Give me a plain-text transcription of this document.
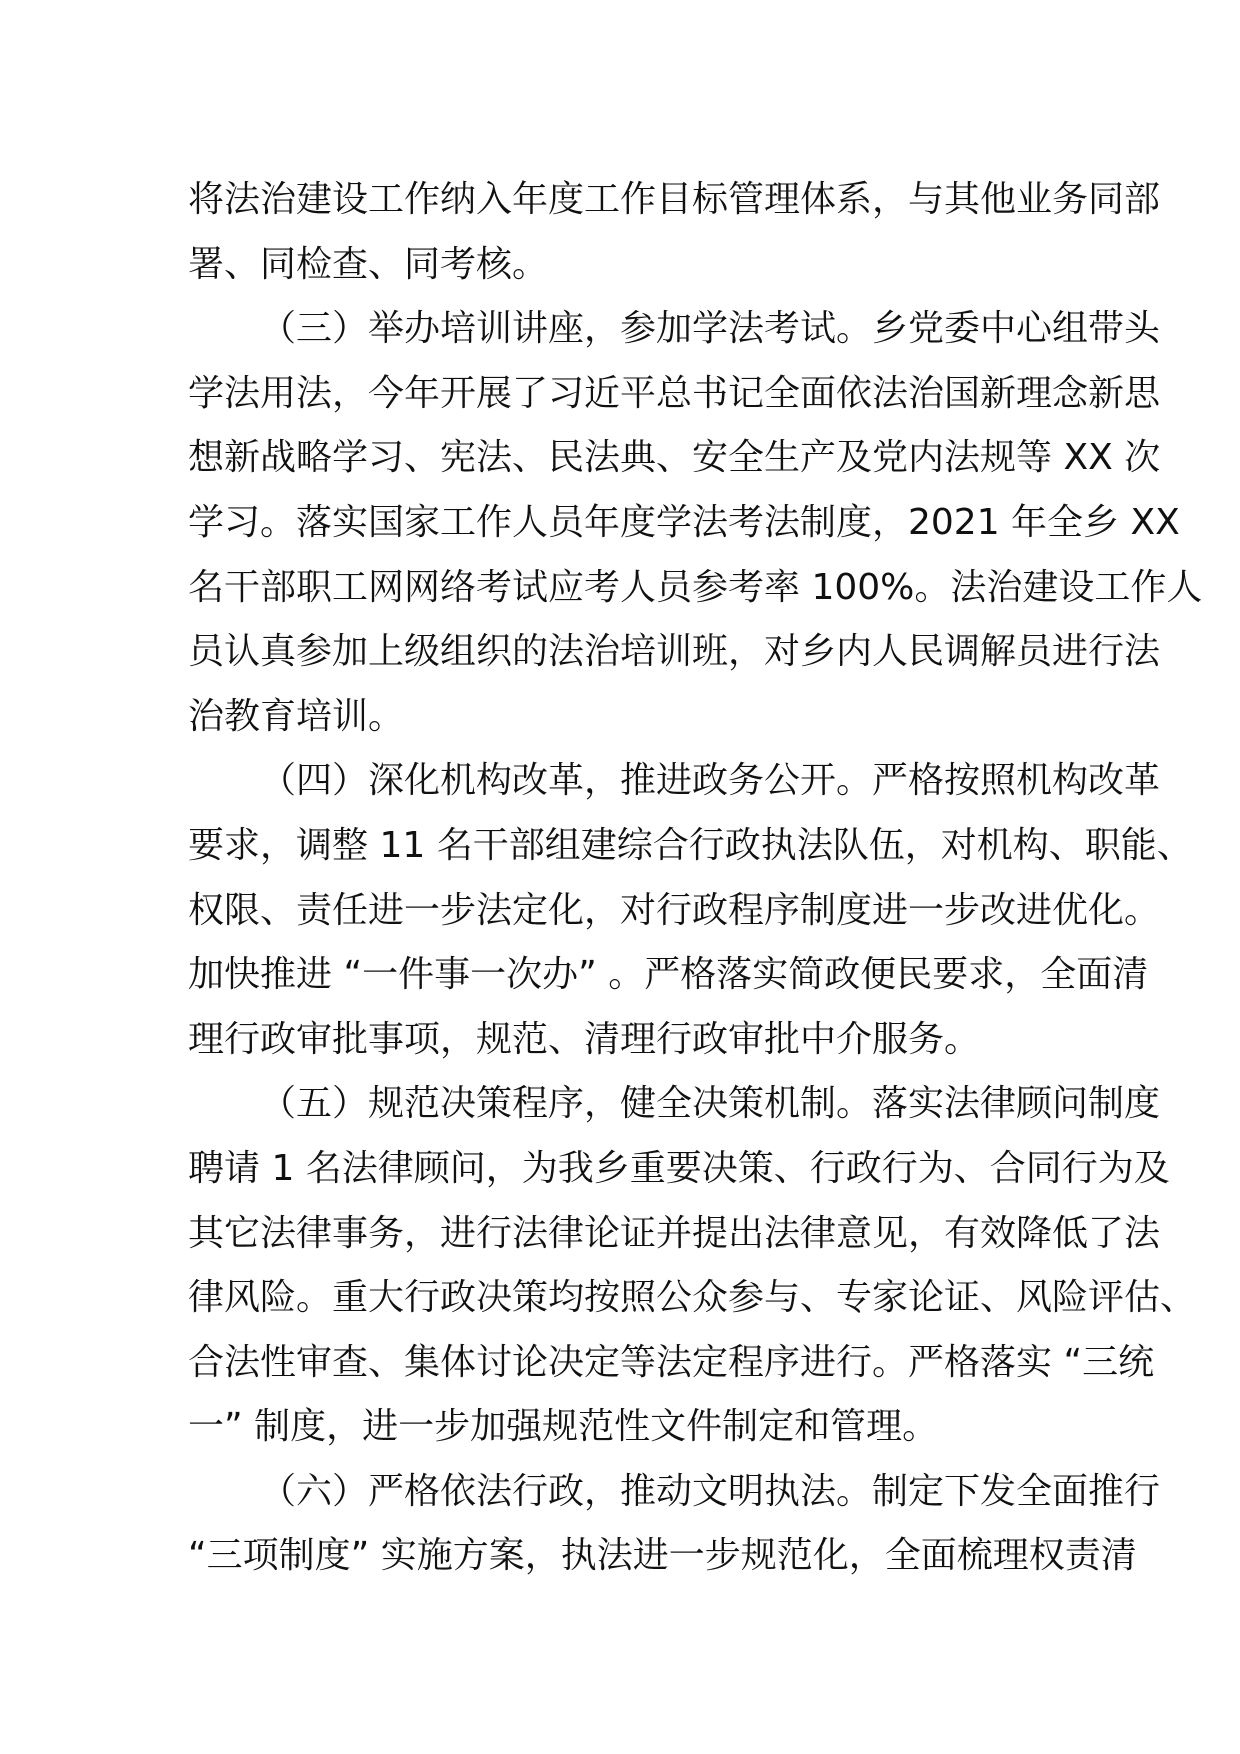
将法治建设工作纳入年度工作目标管理体系，与其他业务同部
署、同检查、同考核。
（三）举办培训讲座，参加学法考试。乡党委中心组带头
学法用法，今年开展了习近平总书记全面依法治国新理念新思
想新战略学习、宪法、民法典、安全生产及党内法规等 XX 次
学习。落实国家工作人员年度学法考法制度，2021 年全乡 XX
名干部职工网网络考试应考人员参考率 100%。法治建设工作人
员认真参加上级组织的法治培训班，对乡内人民调解员进行法
治教育培训。
（四）深化机构改革，推进政务公开。严格按照机构改革
要求，调整 11 名干部组建综合行政执法队伍，对机构、职能、
权限、责任进一步法定化，对行政程序制度进一步改进优化。
加快推进 “一件事一次办” 。严格落实简政便民要求，全面清
理行政审批事项，规范、清理行政审批中介服务。
（五）规范决策程序，健全决策机制。落实法律顾问制度
聘请 1 名法律顾问，为我乡重要决策、行政行为、合同行为及
其它法律事务，进行法律论证并提出法律意见，有效降低了法
律风险。重大行政决策均按照公众参与、专家论证、风险评估、
合法性审查、集体讨论决定等法定程序进行。严格落实 “三统
一” 制度，进一步加强规范性文件制定和管理。
（六）严格依法行政，推动文明执法。制定下发全面推行
“三项制度” 实施方案，执法进一步规范化，全面梳理权责清
